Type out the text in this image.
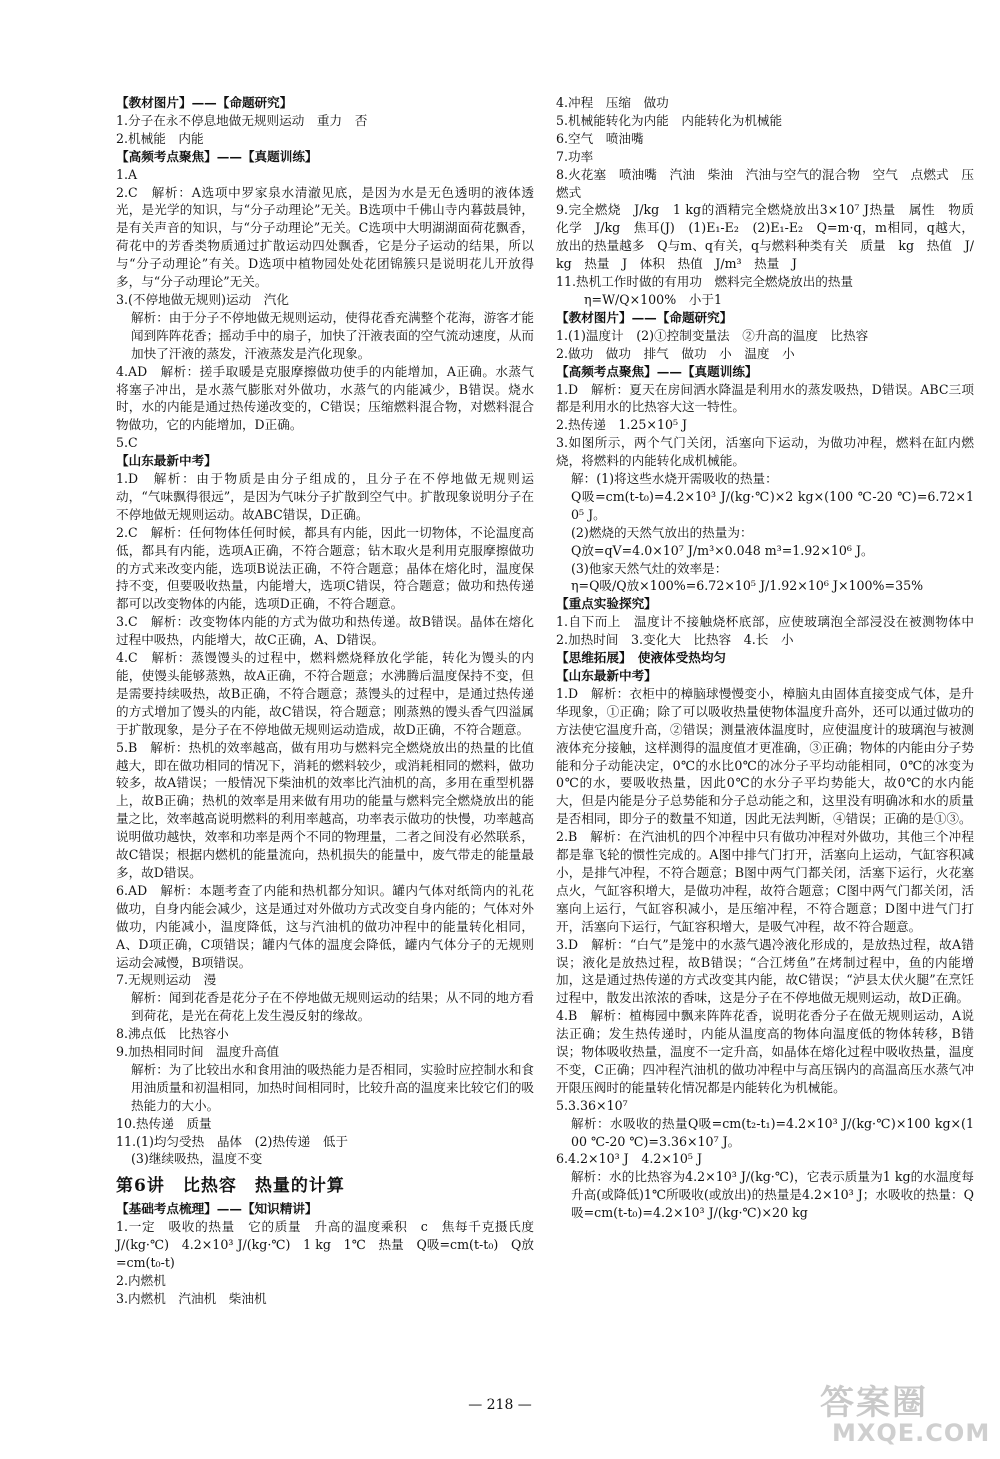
【教材图片】——【命题研究】

1.分子在永不停息地做无规则运动　重力　否

2.机械能　内能

【高频考点聚焦】——【真题训练】

1.A

2.C　解析：A选项中罗家泉水清澈见底，是因为水是无色透明的液体透光，是光学的知识，与“分子动理论”无关。B选项中千佛山寺内暮鼓晨钟，是有关声音的知识，与“分子动理论”无关。C选项中大明湖湖面荷花飘香，荷花中的芳香类物质通过扩散运动四处飘香，它是分子运动的结果，所以与“分子动理论”有关。D选项中植物园处处花团锦簇只是说明花儿开放得多，与“分子动理论”无关。

3.(不停地做无规则)运动　汽化

解析：由于分子不停地做无规则运动，使得花香充满整个花海，游客才能闻到阵阵花香；摇动手中的扇子，加快了汗液表面的空气流动速度，从而加快了汗液的蒸发，汗液蒸发是汽化现象。

4.AD　解析：搓手取暖是克服摩擦做功使手的内能增加，A正确。水蒸气将塞子冲出，是水蒸气膨胀对外做功，水蒸气的内能减少，B错误。烧水时，水的内能是通过热传递改变的，C错误；压缩燃料混合物，对燃料混合物做功，它的内能增加，D正确。

5.C

【山东最新中考】

1.D　解析：由于物质是由分子组成的，且分子在不停地做无规则运动，“气味飘得很远”，是因为气味分子扩散到空气中。扩散现象说明分子在不停地做无规则运动。故ABC错误，D正确。

2.C　解析：任何物体任何时候，都具有内能，因此一切物体，不论温度高低，都具有内能，选项A正确，不符合题意；钻木取火是利用克服摩擦做功的方式来改变内能，选项B说法正确，不符合题意；晶体在熔化时，温度保持不变，但要吸收热量，内能增大，选项C错误，符合题意；做功和热传递都可以改变物体的内能，选项D正确，不符合题意。

3.C　解析：改变物体内能的方式为做功和热传递。故B错误。晶体在熔化过程中吸热，内能增大，故C正确，A、D错误。

4.C　解析：蒸馒馒头的过程中，燃料燃烧释放化学能，转化为馒头的内能，使馒头能够蒸熟，故A正确，不符合题意；水沸腾后温度保持不变，但是需要持续吸热，故B正确，不符合题意；蒸馒头的过程中，是通过热传递的方式增加了馒头的内能，故C错误，符合题意；刚蒸熟的馒头香气四溢属于扩散现象，是分子在不停地做无规则运动造成，故D正确，不符合题意。

5.B　解析：热机的效率越高，做有用功与燃料完全燃烧放出的热量的比值越大，即在做功相同的情况下，消耗的燃料较少，或消耗相同的燃料，做功较多，故A错误；一般情况下柴油机的效率比汽油机的高，多用在重型机器上，故B正确；热机的效率是用来做有用功的能量与燃料完全燃烧放出的能量之比，效率越高说明燃料的利用率越高，功率表示做功的快慢，功率越高说明做功越快，效率和功率是两个不同的物理量，二者之间没有必然联系，故C错误；根据内燃机的能量流向，热机损失的能量中，废气带走的能量最多，故D错误。

6.AD　解析：本题考查了内能和热机都分知识。罐内气体对纸筒内的礼花做功，自身内能会减少，这是通过对外做功方式改变自身内能的；气体对外做功，内能减小，温度降低，这与汽油机的做功冲程中的能量转化相同，A、D项正确，C项错误；罐内气体的温度会降低，罐内气体分子的无规则运动会减慢，B项错误。

7.无规则运动　漫

解析：闻到花香是花分子在不停地做无规则运动的结果；从不同的地方看到荷花，是光在荷花上发生漫反射的缘故。

8.沸点低　比热容小

9.加热相同时间　温度升高值

解析：为了比较出水和食用油的吸热能力是否相同，实验时应控制水和食用油质量和初温相同，加热时间相同时，比较升高的温度来比较它们的吸热能力的大小。

10.热传递　质量

11.(1)均匀受热　晶体　(2)热传递　低于

(3)继续吸热，温度不变

第6讲　比热容　热量的计算

【基础考点梳理】——【知识精讲】

1.一定　吸收的热量　它的质量　升高的温度乘积　c　焦每千克摄氏度　J/(kg·℃)　4.2×10³ J/(kg·℃)　1 kg　1℃　热量　Q吸=cm(t-t₀)　Q放=cm(t₀-t)

2.内燃机

3.内燃机　汽油机　柴油机

4.冲程　压缩　做功

5.机械能转化为内能　内能转化为机械能

6.空气　喷油嘴

7.功率

8.火花塞　喷油嘴　汽油　柴油　汽油与空气的混合物　空气　点燃式　压燃式

9.完全燃烧　J/kg　1 kg的酒精完全燃烧放出3×10⁷ J热量　属性　物质　化学　J/kg　焦耳(J)　(1)E₁-E₂　(2)E₁-E₂　Q=m·q，m相同，q越大，放出的热量越多　Q与m、q有关，q与燃料种类有关　质量　kg　热值　J/kg　热量　J　体积　热值　J/m³　热量　J

11.热机工作时做的有用功　燃料完全燃烧放出的热量

η=W/Q×100%　小于1

【教材图片】——【命题研究】

1.(1)温度计　(2)①控制变量法　②升高的温度　比热容

2.做功　做功　排气　做功　小　温度　小

【高频考点聚焦】——【真题训练】

1.D　解析：夏天在房间洒水降温是利用水的蒸发吸热，D错误。ABC三项都是利用水的比热容大这一特性。

2.热传递　1.25×10⁵ J

3.如图所示，两个气门关闭，活塞向下运动，为做功冲程，燃料在缸内燃烧，将燃料的内能转化成机械能。

解：(1)将这些水烧开需吸收的热量：

Q吸=cm(t-t₀)=4.2×10³ J/(kg·℃)×2 kg×(100 ℃-20 ℃)=6.72×10⁵ J。

(2)燃烧的天然气放出的热量为：

Q放=qV=4.0×10⁷ J/m³×0.048 m³=1.92×10⁶ J。

(3)他家天然气灶的效率是：

η=Q吸/Q放×100%=6.72×10⁵ J/1.92×10⁶ J×100%=35%

【重点实验探究】

1.自下而上　温度计不接触烧杯底部，应使玻璃泡全部浸没在被测物体中　2.加热时间　3.变化大　比热容　4.长　小

【思维拓展】　使液体受热均匀

【山东最新中考】

1.D　解析：衣柜中的樟脑球慢慢变小，樟脑丸由固体直接变成气体，是升华现象，①正确；除了可以吸收热量使物体温度升高外，还可以通过做功的方法使它温度升高，②错误；测量液体温度时，应使温度计的玻璃泡与被测液体充分接触，这样测得的温度值才更准确，③正确；物体的内能由分子势能和分子动能决定，0℃的水比0℃的冰分子平均动能相同，0℃的冰变为0℃的水，要吸收热量，因此0℃的水分子平均势能大，故0℃的水内能大，但是内能是分子总势能和分子总动能之和，这里没有明确冰和水的质量是否相同，即分子的数量不知道，因此无法判断，④错误；正确的是①③。

2.B　解析：在汽油机的四个冲程中只有做功冲程对外做功，其他三个冲程都是靠飞轮的惯性完成的。A图中排气门打开，活塞向上运动，气缸容积减小，是排气冲程，不符合题意；B图中两气门都关闭，活塞下运行，火花塞点火，气缸容积增大，是做功冲程，故符合题意；C图中两气门都关闭，活塞向上运行，气缸容积减小，是压缩冲程，不符合题意；D图中进气门打开，活塞向下运行，气缸容积增大，是吸气冲程，故不符合题意。

3.D　解析：“白气”是笼中的水蒸气遇冷液化形成的，是放热过程，故A错误；液化是放热过程，故B错误；“合江烤鱼”在烤制过程中，鱼的内能增加，这是通过热传递的方式改变其内能，故C错误；“泸县太伏火腿”在烹饪过程中，散发出浓浓的香味，这是分子在不停地做无规则运动，故D正确。

4.B　解析：植梅园中飘来阵阵花香，说明花香分子在做无规则运动，A说法正确；发生热传递时，内能从温度高的物体向温度低的物体转移，B错误；物体吸收热量，温度不一定升高，如晶体在熔化过程中吸收热量，温度不变，C正确；四冲程汽油机的做功冲程中与高压锅内的高温高压水蒸气冲开限压阀时的能量转化情况都是内能转化为机械能。

5.3.36×10⁷

解析：水吸收的热量Q吸=cm(t₂-t₁)=4.2×10³ J/(kg·℃)×100 kg×(100 ℃-20 ℃)=3.36×10⁷ J。

6.4.2×10³ J　4.2×10⁵ J

解析：水的比热容为4.2×10³ J/(kg·℃)，它表示质量为1 kg的水温度每升高(或降低)1℃所吸收(或放出)的热量是4.2×10³ J；水吸收的热量：Q吸=cm(t-t₀)=4.2×10³ J/(kg·℃)×20 kg

— 218 —	答案圈
MXQE.COM
